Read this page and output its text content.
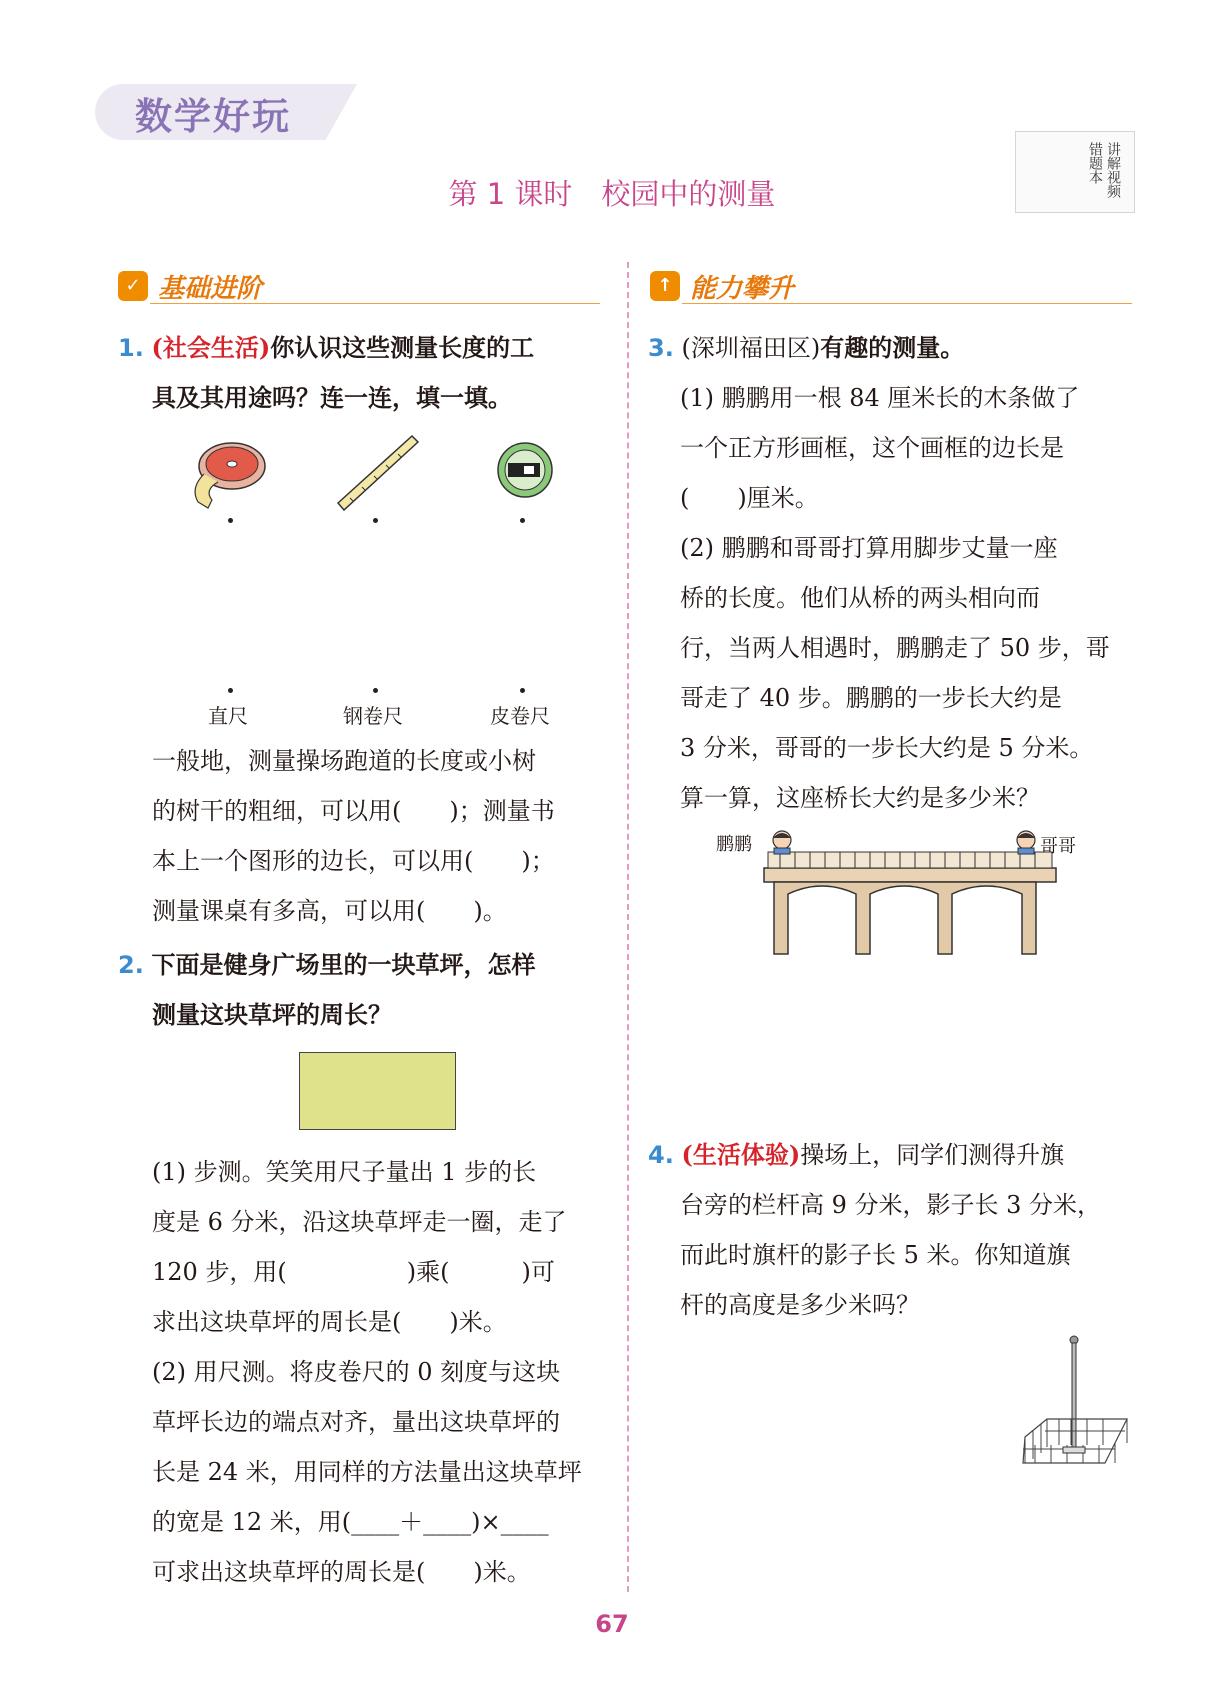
数学好玩
第 1 课时　校园中的测量
错题本 讲解视频
✓ 基础进阶	↑ 能力攀升
1. (社会生活)你认识这些测量长度的工
具及其用途吗？连一连，填一填。
直尺	钢卷尺	皮卷尺
一般地，测量操场跑道的长度或小树
的树干的粗细，可以用(　　)；测量书
本上一个图形的边长，可以用(　　)；
测量课桌有多高，可以用(　　)。
2. 下面是健身广场里的一块草坪，怎样
测量这块草坪的周长？
(1) 步测。笑笑用尺子量出 1 步的长
度是 6 分米，沿这块草坪走一圈，走了
120 步，用(　　　　　)乘(　　　)可
求出这块草坪的周长是(　　)米。
(2) 用尺测。将皮卷尺的 0 刻度与这块
草坪长边的端点对齐，量出这块草坪的
长是 24 米，用同样的方法量出这块草坪
的宽是 12 米，用(____＋____)×____
可求出这块草坪的周长是(　　)米。
3. (深圳福田区)有趣的测量。
(1) 鹏鹏用一根 84 厘米长的木条做了
一个正方形画框，这个画框的边长是
(　　)厘米。
(2) 鹏鹏和哥哥打算用脚步丈量一座
桥的长度。他们从桥的两头相向而
行，当两人相遇时，鹏鹏走了 50 步，哥
哥走了 40 步。鹏鹏的一步长大约是
3 分米，哥哥的一步长大约是 5 分米。
算一算，这座桥长大约是多少米？
鹏鹏	哥哥
4. (生活体验)操场上，同学们测得升旗
台旁的栏杆高 9 分米，影子长 3 分米，
而此时旗杆的影子长 5 米。你知道旗
杆的高度是多少米吗？
67
